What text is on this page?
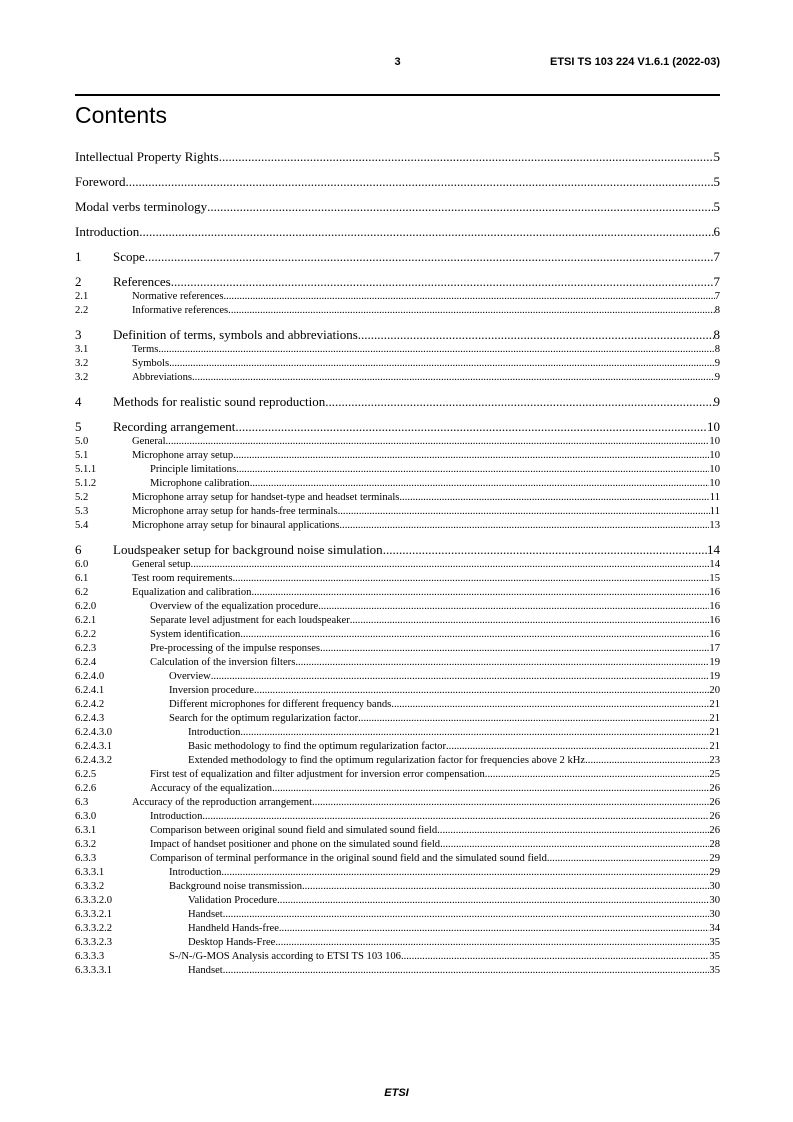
3	ETSI TS 103 224 V1.6.1 (2022-03)
Contents
Intellectual Property Rights .....	5
Foreword .....	5
Modal verbs terminology .....	5
Introduction .....	6
1	Scope .....	7
2	References .....	7
2.1	Normative references .....	7
2.2	Informative references .....	8
3	Definition of terms, symbols and abbreviations .....	8
3.1	Terms .....	8
3.2	Symbols .....	9
3.2	Abbreviations .....	9
4	Methods for realistic sound reproduction .....	9
5	Recording arrangement .....	10
5.0	General .....	10
5.1	Microphone array setup .....	10
5.1.1	Principle limitations .....	10
5.1.2	Microphone calibration .....	10
5.2	Microphone array setup for handset-type and headset terminals .....	11
5.3	Microphone array setup for hands-free terminals .....	11
5.4	Microphone array setup for binaural applications .....	13
6	Loudspeaker setup for background noise simulation .....	14
6.0	General setup .....	14
6.1	Test room requirements .....	15
6.2	Equalization and calibration .....	16
6.2.0	Overview of the equalization procedure .....	16
6.2.1	Separate level adjustment for each loudspeaker .....	16
6.2.2	System identification .....	16
6.2.3	Pre-processing of the impulse responses .....	17
6.2.4	Calculation of the inversion filters .....	19
6.2.4.0	Overview .....	19
6.2.4.1	Inversion procedure .....	20
6.2.4.2	Different microphones for different frequency bands .....	21
6.2.4.3	Search for the optimum regularization factor .....	21
6.2.4.3.0	Introduction .....	21
6.2.4.3.1	Basic methodology to find the optimum regularization factor .....	21
6.2.4.3.2	Extended methodology to find the optimum regularization factor for frequencies above 2 kHz .....	23
6.2.5	First test of equalization and filter adjustment for inversion error compensation .....	25
6.2.6	Accuracy of the equalization .....	26
6.3	Accuracy of the reproduction arrangement .....	26
6.3.0	Introduction .....	26
6.3.1	Comparison between original sound field and simulated sound field .....	26
6.3.2	Impact of handset positioner and phone on the simulated sound field .....	28
6.3.3	Comparison of terminal performance in the original sound field and the simulated sound field .....	29
6.3.3.1	Introduction .....	29
6.3.3.2	Background noise transmission .....	30
6.3.3.2.0	Validation Procedure .....	30
6.3.3.2.1	Handset .....	30
6.3.3.2.2	Handheld Hands-free .....	34
6.3.3.2.3	Desktop Hands-Free .....	35
6.3.3.3	S-/N-/G-MOS Analysis according to ETSI TS 103 106 .....	35
6.3.3.3.1	Handset .....	35
ETSI
